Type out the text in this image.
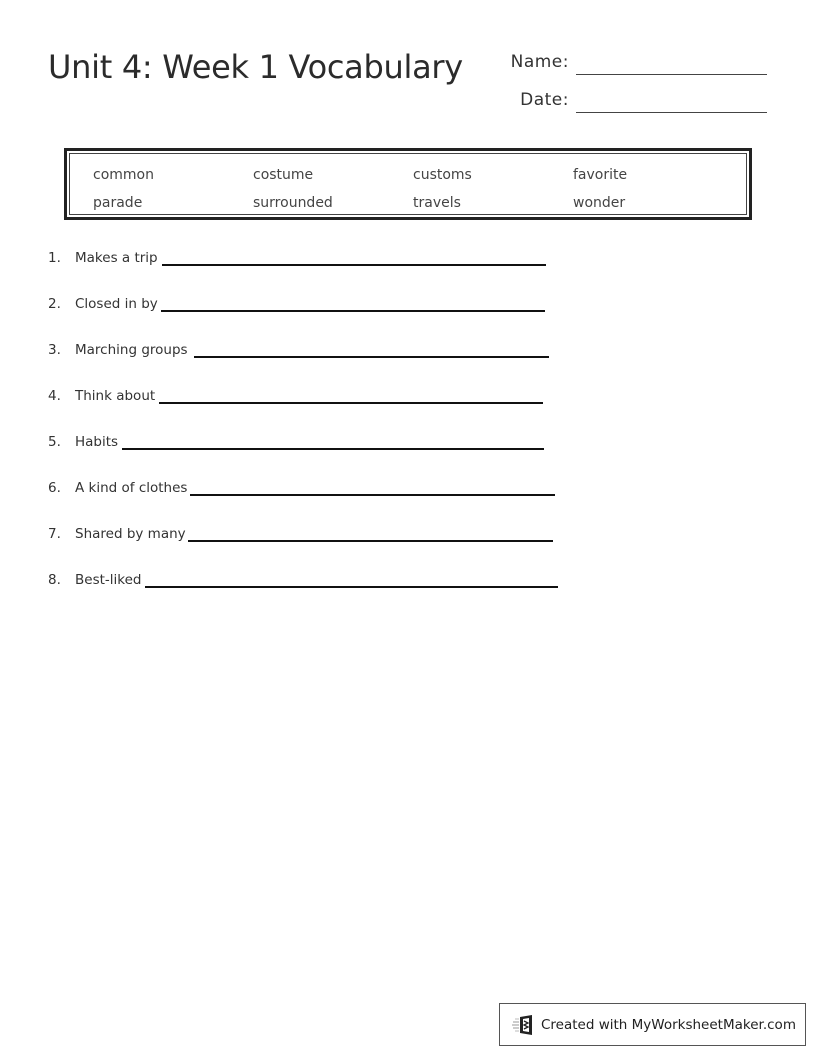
Unit 4: Week 1 Vocabulary	Name:
Date:
common	costume	customs	favorite
parade	surrounded	travels	wonder
1. Makes a trip
2. Closed in by
3. Marching groups
4. Think about
5. Habits
6. A kind of clothes
7. Shared by many
8. Best-liked
Created with MyWorksheetMaker.com
